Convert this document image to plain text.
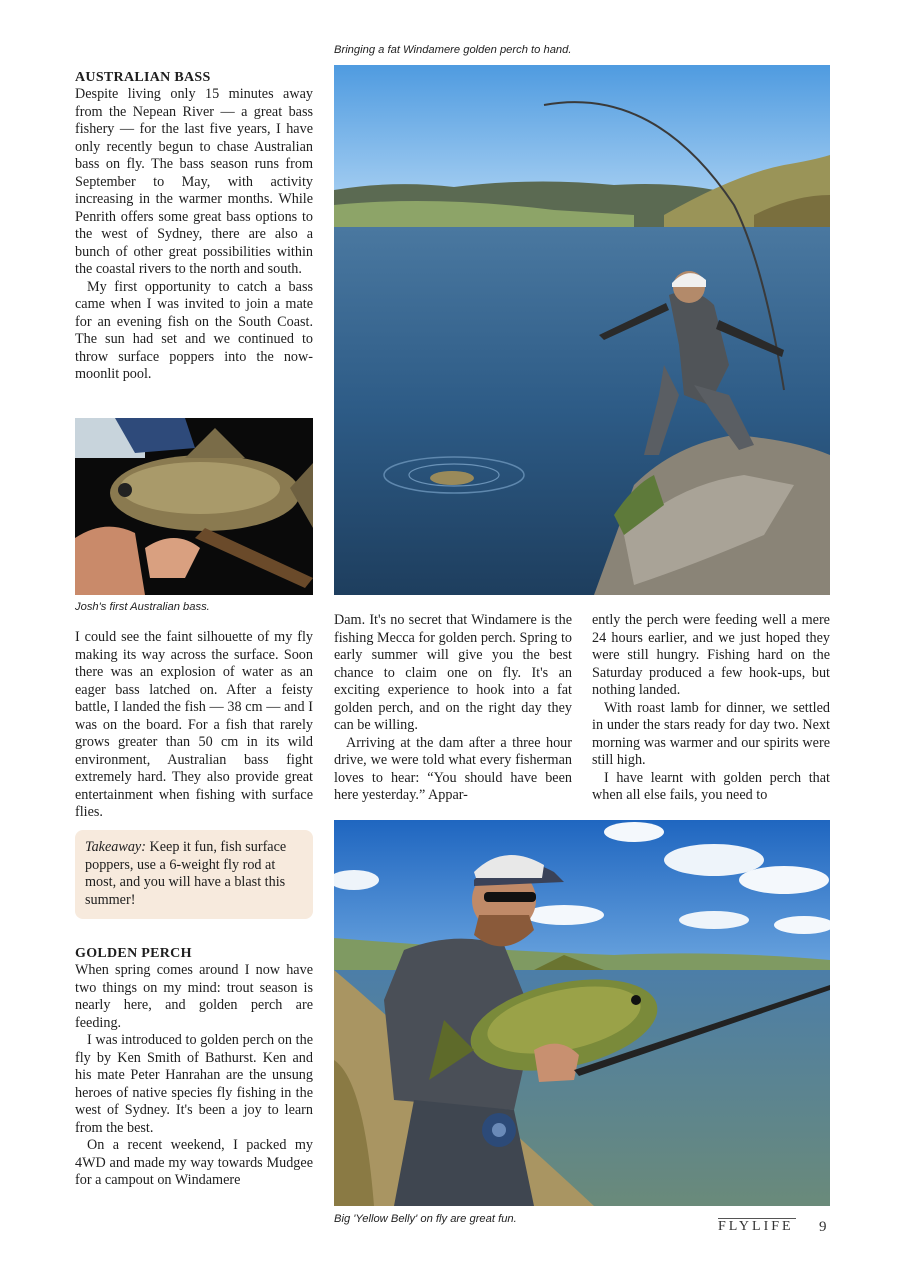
Bringing a fat Windamere golden perch to hand.

AUSTRALIAN BASS

Despite living only 15 minutes away from the Nepean River — a great bass fishery — for the last five years, I have only recently begun to chase Australian bass on fly. The bass season runs from September to May, with activity increasing in the warmer months. While Penrith offers some great bass options to the west of Sydney, there are also a bunch of other great possibilities within the coastal rivers to the north and south.

My first opportunity to catch a bass came when I was invited to join a mate for an evening fish on the South Coast. The sun had set and we continued to throw surface poppers into the now-moonlit pool.

Josh's first Australian bass.

I could see the faint silhouette of my fly making its way across the surface. Soon there was an explosion of water as an eager bass latched on. After a feisty battle, I landed the fish — 38 cm — and I was on the board. For a fish that rarely grows greater than 50 cm in its wild environment, Australian bass fight extremely hard. They also provide great entertainment when fishing with surface flies.

Takeaway: Keep it fun, fish surface poppers, use a 6-weight fly rod at most, and you will have a blast this summer!

GOLDEN PERCH

When spring comes around I now have two things on my mind: trout season is nearly here, and golden perch are feeding.

I was introduced to golden perch on the fly by Ken Smith of Bathurst. Ken and his mate Peter Hanrahan are the unsung heroes of native species fly fishing in the west of Sydney. It's been a joy to learn from the best.

On a recent weekend, I packed my 4WD and made my way towards Mudgee for a campout on Windamere

Dam. It's no secret that Windamere is the fishing Mecca for golden perch. Spring to early summer will give you the best chance to claim one on fly. It's an exciting experience to hook into a fat golden perch, and on the right day they can be willing.

Arriving at the dam after a three hour drive, we were told what every fisherman loves to hear: “You should have been here yesterday.” Appar-

ently the perch were feeding well a mere 24 hours earlier, and we just hoped they were still hungry. Fishing hard on the Saturday produced a few hook-ups, but nothing landed.

With roast lamb for dinner, we settled in under the stars ready for day two. Next morning was warmer and our spirits were still high.

I have learnt with golden perch that when all else fails, you need to

Big 'Yellow Belly' on fly are great fun.	FLYLIFE 9
